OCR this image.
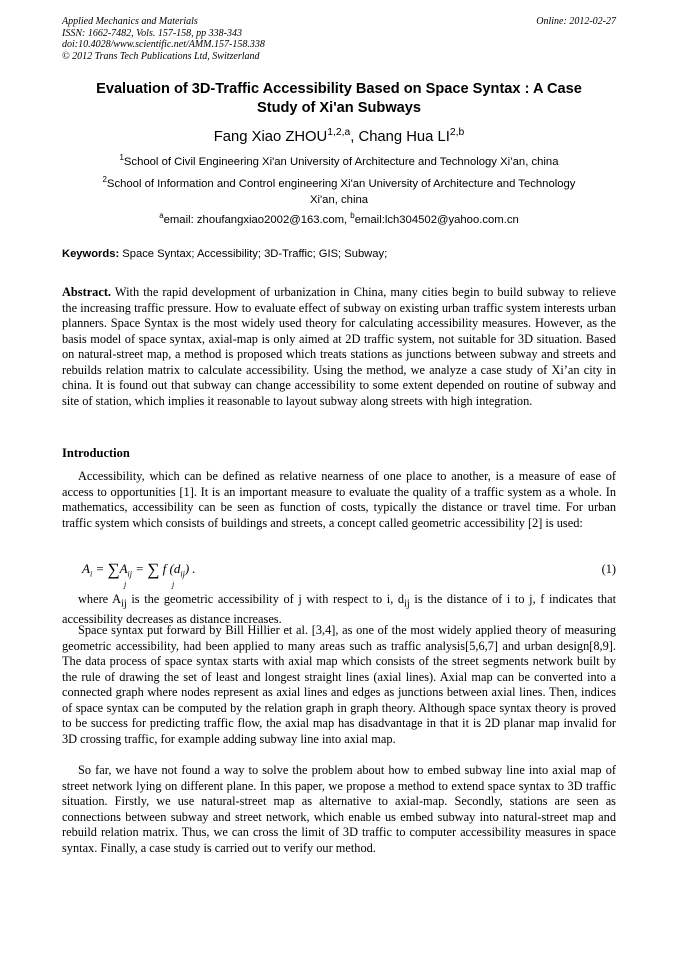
Applied Mechanics and Materials
ISSN: 1662-7482, Vols. 157-158, pp 338-343
doi:10.4028/www.scientific.net/AMM.157-158.338
© 2012 Trans Tech Publications Ltd, Switzerland
Online: 2012-02-27
Evaluation of 3D-Traffic Accessibility Based on Space Syntax : A Case
Study of Xi'an Subways
Fang Xiao ZHOU$^{1,2,a}$, Chang Hua LI$^{2,b}$
$^1$School of Civil Engineering Xi'an University of Architecture and Technology Xi’an, china
$^2$School of Information and Control engineering Xi'an University of Architecture and Technology
Xi'an, china
$^a$email: zhoufangxiao2002@163.com, $^b$email:lch304502@yahoo.com.cn
Keywords: Space Syntax; Accessibility; 3D-Traffic; GIS; Subway;
Abstract. With the rapid development of urbanization in China, many cities begin to build subway to relieve the increasing traffic pressure. How to evaluate effect of subway on existing urban traffic system interests urban planners. Space Syntax is the most widely used theory for calculating accessibility measures. However, as the basis model of space syntax, axial-map is only aimed at 2D traffic system, not suitable for 3D situation. Based on natural-street map, a method is proposed which treats stations as junctions between subway and streets and rebuilds relation matrix to calculate accessibility. Using the method, we analyze a case study of Xi’an city in china. It is found out that subway can change accessibility to some extent depended on routine of subway and site of station, which implies it reasonable to layout subway along streets with high integration.
Introduction
Accessibility, which can be defined as relative nearness of one place to another, is a measure of ease of access to opportunities [1]. It is an important measure to evaluate the quality of a traffic system as a whole. In mathematics, accessibility can be seen as function of costs, typically the distance or travel time. For urban traffic system which consists of buildings and streets, a concept called geometric accessibility [2] is used:
$A_i = \sum A_{ij}$ = ∑ f $(d_{ij})$ .
j	j
(1)
where $A_{ij}$ is the geometric accessibility of j with respect to i, $d_{ij}$ is the distance of i to j, f indicates that accessibility decreases as distance increases.
Space syntax put forward by Bill Hillier et al. [3,4], as one of the most widely applied theory of measuring geometric accessibility, had been applied to many areas such as traffic analysis[5,6,7] and urban design[8,9]. The data process of space syntax starts with axial map which consists of the street segments network built by the rule of drawing the set of least and longest straight lines (axial lines). Axial map can be converted into a connected graph where nodes represent as axial lines and edges as junctions between axial lines. Then, indices of space syntax can be computed by the relation graph in graph theory. Although space syntax theory is proved to be success for predicting traffic flow, the axial map has disadvantage in that it is 2D planar map invalid for 3D crossing traffic, for example adding subway line into axial map.
So far, we have not found a way to solve the problem about how to embed subway line into axial map of street network lying on different plane. In this paper, we propose a method to extend space syntax to 3D traffic situation. Firstly, we use natural-street map as alternative to axial-map. Secondly, stations are seen as connections between subway and street network, which enable us embed subway into natural-street map and rebuild relation matrix. Thus, we can cross the limit of 3D traffic to computer accessibility measures in space syntax. Finally, a case study is carried out to verify our method.
